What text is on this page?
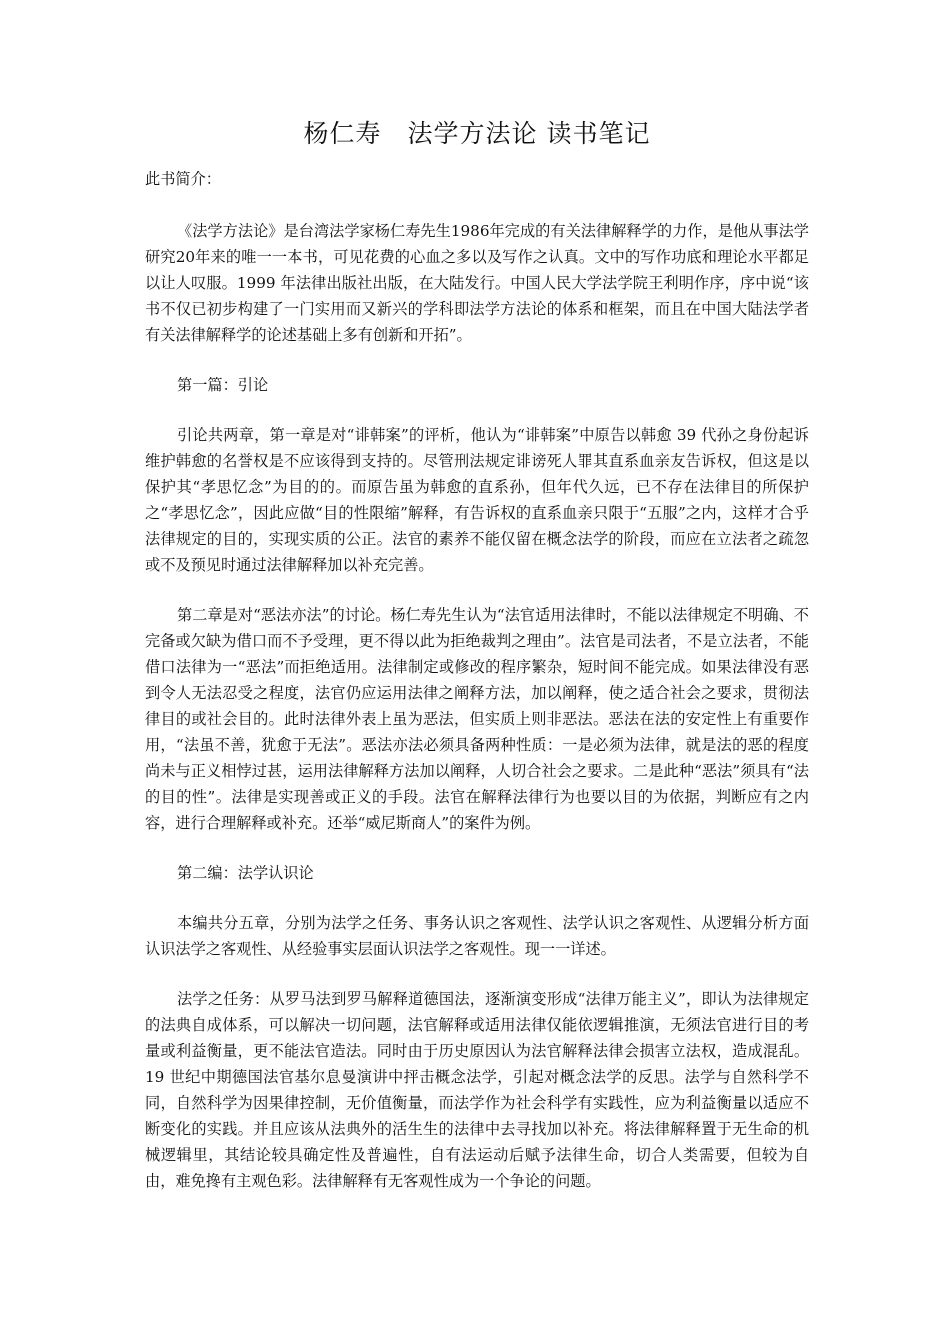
杨仁寿　法学方法论 读书笔记
此书简介：
《法学方法论》是台湾法学家杨仁寿先生1986年完成的有关法律解释学的力作，是他从事法学研究20年来的唯一一本书，可见花费的心血之多以及写作之认真。文中的写作功底和理论水平都足以让人叹服。1999 年法律出版社出版，在大陆发行。中国人民大学法学院王利明作序，序中说“该书不仅已初步构建了一门实用而又新兴的学科即法学方法论的体系和框架，而且在中国大陆法学者有关法律解释学的论述基础上多有创新和开拓”。
第一篇：引论
引论共两章，第一章是对“诽韩案”的评析，他认为“诽韩案”中原告以韩愈 39 代孙之身份起诉维护韩愈的名誉权是不应该得到支持的。尽管刑法规定诽谤死人罪其直系血亲友告诉权，但这是以保护其“孝思忆念”为目的的。而原告虽为韩愈的直系孙，但年代久远，已不存在法律目的所保护之“孝思忆念”，因此应做“目的性限缩”解释，有告诉权的直系血亲只限于“五服”之内，这样才合乎法律规定的目的，实现实质的公正。法官的素养不能仅留在概念法学的阶段，而应在立法者之疏忽或不及预见时通过法律解释加以补充完善。
第二章是对“恶法亦法”的讨论。杨仁寿先生认为“法官适用法律时，不能以法律规定不明确、不完备或欠缺为借口而不予受理，更不得以此为拒绝裁判之理由”。法官是司法者，不是立法者，不能借口法律为一“恶法”而拒绝适用。法律制定或修改的程序繁杂，短时间不能完成。如果法律没有恶到令人无法忍受之程度，法官仍应运用法律之阐释方法，加以阐释，使之适合社会之要求，贯彻法律目的或社会目的。此时法律外表上虽为恶法，但实质上则非恶法。恶法在法的安定性上有重要作用，“法虽不善，犹愈于无法”。恶法亦法必须具备两种性质：一是必须为法律，就是法的恶的程度尚未与正义相悖过甚，运用法律解释方法加以阐释，人切合社会之要求。二是此种“恶法”须具有“法的目的性”。法律是实现善或正义的手段。法官在解释法律行为也要以目的为依据，判断应有之内容，进行合理解释或补充。还举“威尼斯商人”的案件为例。
第二编：法学认识论
本编共分五章，分别为法学之任务、事务认识之客观性、法学认识之客观性、从逻辑分析方面认识法学之客观性、从经验事实层面认识法学之客观性。现一一详述。
法学之任务：从罗马法到罗马解释道德国法，逐渐演变形成“法律万能主义”，即认为法律规定的法典自成体系，可以解决一切问题，法官解释或适用法律仅能依逻辑推演，无须法官进行目的考量或利益衡量，更不能法官造法。同时由于历史原因认为法官解释法律会损害立法权，造成混乱。19 世纪中期德国法官基尔息曼演讲中抨击概念法学，引起对概念法学的反思。法学与自然科学不同，自然科学为因果律控制，无价值衡量，而法学作为社会科学有实践性，应为利益衡量以适应不断变化的实践。并且应该从法典外的活生生的法律中去寻找加以补充。将法律解释置于无生命的机械逻辑里，其结论较具确定性及普遍性，自有法运动后赋予法律生命，切合人类需要，但较为自由，难免搀有主观色彩。法律解释有无客观性成为一个争论的问题。
